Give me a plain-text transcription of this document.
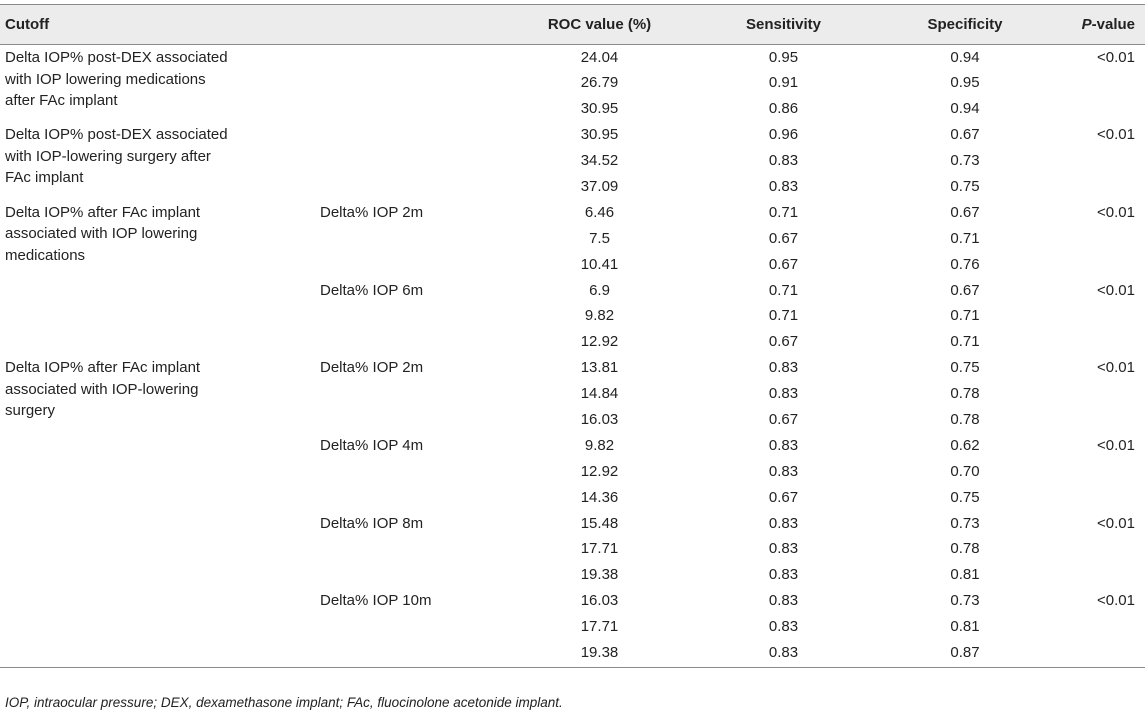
Cutoff		ROC value (%)	Sensitivity	Specificity	P-value
Delta IOP% post-DEX associated with IOP lowering medications after FAc implant		24.04	0.95	0.94	<0.01
		26.79	0.91	0.95	
		30.95	0.86	0.94	
Delta IOP% post-DEX associated with IOP-lowering surgery after FAc implant		30.95	0.96	0.67	<0.01
		34.52	0.83	0.73	
		37.09	0.83	0.75	
Delta IOP% after FAc implant associated with IOP lowering medications	Delta% IOP 2m	6.46	0.71	0.67	<0.01
		7.5	0.67	0.71	
		10.41	0.67	0.76	
	Delta% IOP 6m	6.9	0.71	0.67	<0.01
		9.82	0.71	0.71	
		12.92	0.67	0.71	
Delta IOP% after FAc implant associated with IOP-lowering surgery	Delta% IOP 2m	13.81	0.83	0.75	<0.01
		14.84	0.83	0.78	
		16.03	0.67	0.78	
	Delta% IOP 4m	9.82	0.83	0.62	<0.01
		12.92	0.83	0.70	
		14.36	0.67	0.75	
	Delta% IOP 8m	15.48	0.83	0.73	<0.01
		17.71	0.83	0.78	
		19.38	0.83	0.81	
	Delta% IOP 10m	16.03	0.83	0.73	<0.01
		17.71	0.83	0.81	
		19.38	0.83	0.87	
IOP, intraocular pressure; DEX, dexamethasone implant; FAc, fluocinolone acetonide implant.
